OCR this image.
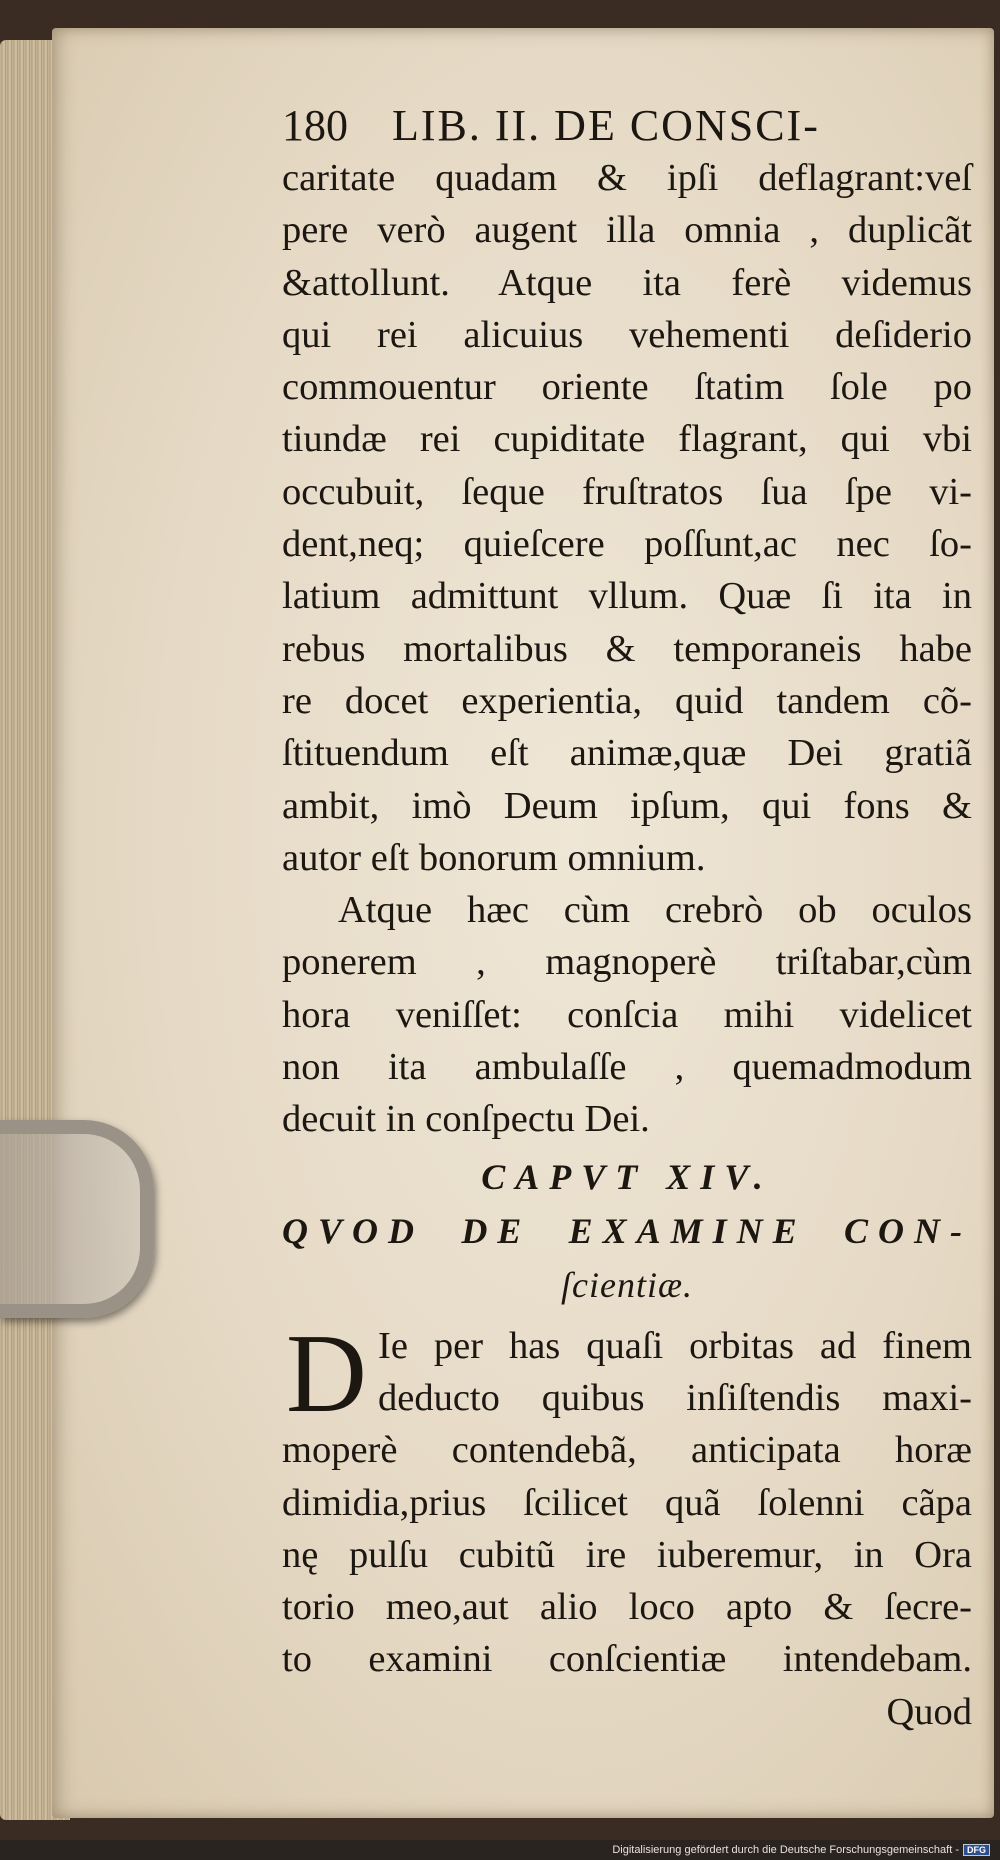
180 LIB. II. DE CONSCI-
caritate quadam & ipſi deflagrant:veſ
pere verò augent illa omnia , duplicãt
&attollunt. Atque ita ferè videmus
qui rei alicuius vehementi deſiderio
commouentur oriente ſtatim ſole po
tiundæ rei cupiditate flagrant, qui vbi
occubuit, ſeque fruſtratos ſua ſpe vi-
dent,neq; quieſcere poſſunt,ac nec ſo-
latium admittunt vllum. Quæ ſi ita in
rebus mortalibus & temporaneis habe
re docet experientia, quid tandem cõ-
ſtituendum eſt animæ,quæ Dei gratiã
ambit, imò Deum ipſum, qui fons &
autor eſt bonorum omnium.
Atque hæc cùm crebrò ob oculos
ponerem , magnoperè triſtabar,cùm
hora veniſſet: conſcia mihi videlicet
non ita ambulaſſe , quemadmodum
decuit in conſpectu Dei.
CAPVT XIV.
QVOD DE EXAMINE CON-
ſcientiæ.
D Ie per has quaſi orbitas ad finem
deducto quibus inſiſtendis maxi-
moperè contendebã, anticipata horæ
dimidia,prius ſcilicet quã ſolenni cãpa
nę pulſu cubitũ ire iuberemur, in Ora
torio meo,aut alio loco apto & ſecre-
to examini conſcientiæ intendebam.
Quod
Digitalisierung gefördert durch die Deutsche Forschungsgemeinschaft - DFG
